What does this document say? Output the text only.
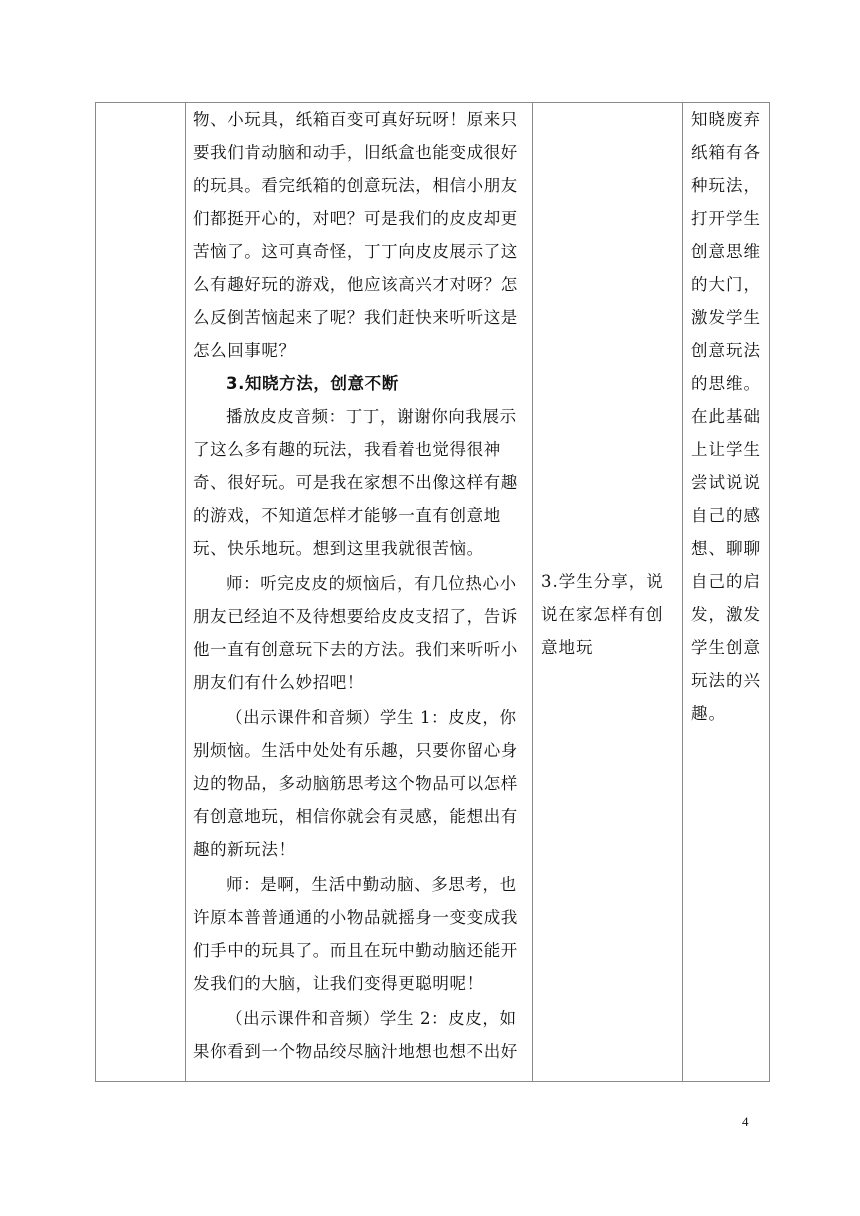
物、小玩具，纸箱百变可真好玩呀！原来只要我们肯动脑和动手，旧纸盒也能变成很好的玩具。看完纸箱的创意玩法，相信小朋友们都挺开心的，对吧？可是我们的皮皮却更苦恼了。这可真奇怪，丁丁向皮皮展示了这么有趣好玩的游戏，他应该高兴才对呀？怎么反倒苦恼起来了呢？我们赶快来听听这是怎么回事呢？

3.知晓方法，创意不断

播放皮皮音频：丁丁，谢谢你向我展示了这么多有趣的玩法，我看着也觉得很神奇、很好玩。可是我在家想不出像这样有趣的游戏，不知道怎样才能够一直有创意地玩、快乐地玩。想到这里我就很苦恼。

师：听完皮皮的烦恼后，有几位热心小朋友已经迫不及待想要给皮皮支招了，告诉他一直有创意玩下去的方法。我们来听听小朋友们有什么妙招吧！

（出示课件和音频）学生 1：皮皮，你别烦恼。生活中处处有乐趣，只要你留心身边的物品，多动脑筋思考这个物品可以怎样有创意地玩，相信你就会有灵感，能想出有趣的新玩法！

师：是啊，生活中勤动脑、多思考，也许原本普普通通的小物品就摇身一变变成我们手中的玩具了。而且在玩中勤动脑还能开发我们的大脑，让我们变得更聪明呢！

（出示课件和音频）学生 2：皮皮，如果你看到一个物品绞尽脑汁地想也想不出好

3.学生分享，说说在家怎样有创意地玩

知晓废弃纸箱有各种玩法，打开学生创意思维的大门，激发学生创意玩法的思维。在此基础上让学生尝试说说自己的感想、聊聊自己的启发，激发学生创意玩法的兴趣。

4
